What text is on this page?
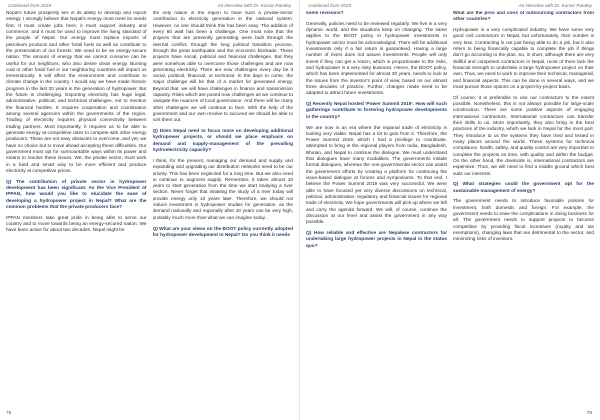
Continued from 2019	An interview with Dr. Kumar Pandey

Nepal’s future prosperity lies in its ability to develop and export energy. I strongly believe that Nepal’s energy must meet its needs first. It must create jobs here; it must support industry and commerce; and it must be used to improve the living standard of the people of Nepal. Our energy must replace imports of petroleum products and other fossil fuels as well as contribute to the preservation of our forests. We need to be an energy-secure nation. The amount of energy that we cannot consume can be useful for our neighbors, who also desire clean energy. Burning coal or other fossil fuel in our neighboring countries will impact us tremendously. It will affect the environment and contribute to climate change in the country. I would say we have made historic progress in the last 20 years in the generation of hydropower. But the future is challenging. Exporting electricity has huge legal, administrative, political, and technical challenges, not to mention the financial hurdles. It requires cooperation and coordination among several agencies within the governments of the region. Trading of electricity requires physical connectivity between trading partners. Most importantly, it requires us to be able to generate energy at competitive rates to compete with other energy producers. These are not easy obstacles to overcome, and yet, we have no choice but to move ahead accepting these difficulties. Our government must opt for surmountable ways within its power and means to resolve these issues. We, the private sector, must work in a hard and smart way to be more efficient and produce electricity at competitive prices.

Q) The contribution of private sector in hydropower development has been significant. As the Vice President of IPPAN, how would you like to elucidate the ease of developing a hydropower project in Nepal? What are the common problems that the private producers face?

IPPAN members take great pride in being able to serve our country and to move towards being an energy-secured nation. We have been active for about two decades. Nepal might be

the only nation in the region to have such a private-sector contribution to electricity generation in the national system. However, no one should think this has been easy. The addition of every 60 watt has been a challenge. One must note that the projects that are presently generating were built through the internal conflict, through the long political transition process, through the great earthquake and the economic blockade. These projects have social, political and financial challenges. But they were somehow able to overcome those challenges and are now generating electricity. There are new challenges every day be it social, political, financial, or technical. In the days to come, the major challenge will be that of a market for generated energy. Beyond that, we will have challenges in finance and transmission capacity. Risks which are posed now challenges as we continue to navigate the nuances of local governance. And there will be many other challenges we will continue to face. With the help of the government and our own resolve to succeed we should be able to sort them out.

Q) Does Nepal need to focus more on developing additional hydropower projects, or should we place emphasis on demand and supply-management of the prevailing hydroelectricity capacity?

I think, for the present, managing our demand and supply and expanding and upgrading our distribution networks need to be our priority. This has been neglected for a long time. But we also need to continue to augment supply. Remember, it takes almost 10 years to start generation from the time we start studying a river section. Never forget that initiating the study of a river today will provide energy only 10 years later. Therefore, we should not reduce investment in hydropower studies for generation, as the demand nationally and regionally after 10 years can be very high, probably much more than what we can imagine today.

Q) What are your views on the BOOT policy currently adopted for hydropower development in Nepal? Do you think it needs

78
Continued from 2019	An interview with Dr. Kumar Pandey

some revisions?

Generally, policies need to be reviewed regularly. We live in a very dynamic world, and the situations keep on changing. The same applies to the BOOT policy in hydropower investments in hydropower sector must be acknowledged. There will be additional investments only if a fair return is guaranteed. Having a large number of rivers does not assure investments. People will only invest if they can get a return, which is proportionate to the risks, and hydropower is a very risky business. Hence, the BOOT policy, which has been implemented for almost 30 years, needs to look at the issues from the investor’s point of view, based on our almost three decades of practice. Further, changes made need to be adapted to attract future investments.

Q) Recently Nepal hosted ‘Power Summit 2019’. How will such gatherings contribute to fostering hydropower developments in the country?

We are now in an era where the regional trade of electricity is looking very viable. Nepal has a lot to gain from it. Therefore, the Power Summit 2019, which I had a privilege to coordinate, attempted to bring in the regional players from India, Bangladesh, Bhutan, and Nepal to continue the dialogue. We must understand that dialogues have many modalities. The governments initiate formal dialogues, whereas the non-governmental sector can assist the government efforts by creating a platform for continuing the issue-based dialogue at forums and symposiums. To that end, I believe the Power Summit 2019 was very successful. We were able to have focused yet very diverse discussions on technical, political, administrative, regulatory and financial issues for regional trade of electricity. We hope governments will pick up where we left and carry the agenda forward. We will, of course, continue the discussion at our level and assist the government in any way possible.

Q) How reliable and effective are Nepalese contractors for undertaking large hydropower projects in Nepal in the status quo?

What are the pros and cons of outsourcing contractors from other countries?

Hydropower is a very complicated industry. We have some very good civil contractors in Nepal, but unfortunately, their number is very less. Contracting is not just being able to do a job, but it also refers to being financially capable to complete the job if things don’t go according to the plan. So, in short, although there are very skillful and competent contractors in Nepal, most of them lack the financial strength to undertake a large hydropower project on their own. Thus, we need to work to improve their technical, managerial, and financial aspects. This can be done in several ways, and we must pursue those options on a project-by-project basis.

Of course, it is preferable to use our contractors to the extent possible. Nonetheless, this is not always possible for large-scale construction. There are some positive aspects of engaging international contractors. International contractors can transfer their skills to us. More importantly, they also bring in the best practices of the industry, which we lack in Nepal for the most part. They introduce to us the systems they have tried and tested in many places around the world. These systems for technical compliance, health, safety, and quality control are very important to complete the projects on time, with quality and within the budget. On the other hand, the downside is, international contractors are expensive. Thus, we will need to find a middle ground which best suits our interests.

Q) What strategies could the government opt for the sustainable management of energy?

The government needs to introduce favorable policies for investment, both domestic and foreign. For example, the government needs to ease the complications in doing business for all. The government needs to support projects to become competitive by providing fiscal incentives (royalty and tax exemptions), changing laws that are detrimental to the sector, and minimizing risks of investors.

79
